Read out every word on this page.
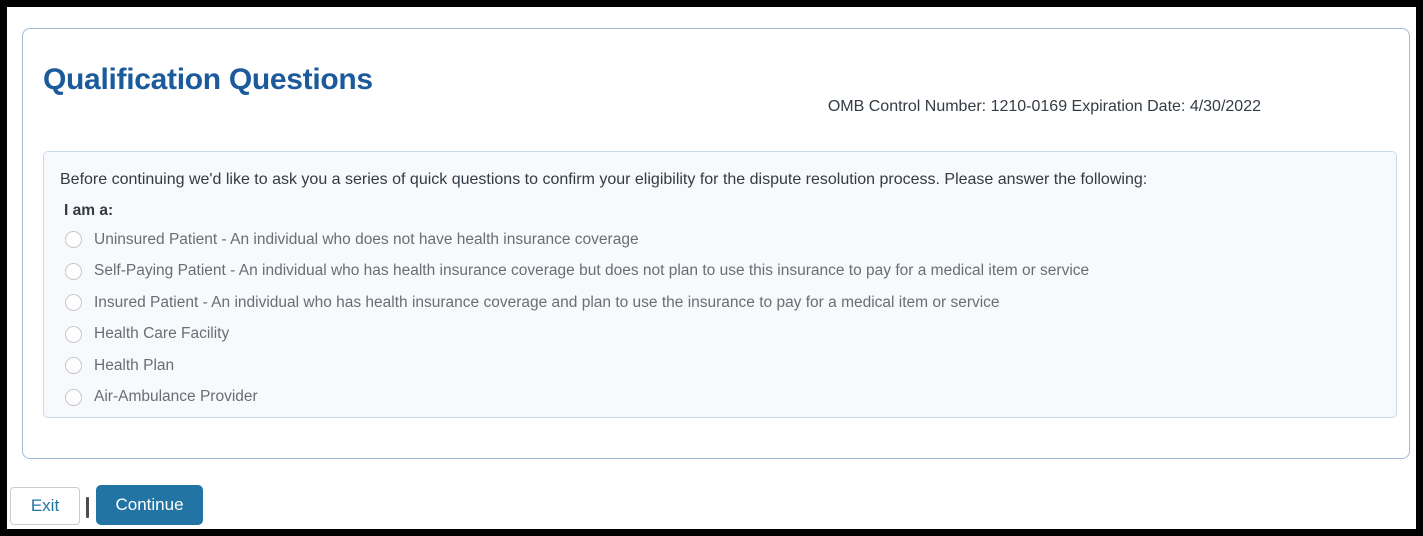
Qualification Questions
OMB Control Number: 1210-0169 Expiration Date: 4/30/2022
Before continuing we'd like to ask you a series of quick questions to confirm your eligibility for the dispute resolution process. Please answer the following:
I am a:
Uninsured Patient - An individual who does not have health insurance coverage
Self-Paying Patient - An individual who has health insurance coverage but does not plan to use this insurance to pay for a medical item or service
Insured Patient - An individual who has health insurance coverage and plan to use the insurance to pay for a medical item or service
Health Care Facility
Health Plan
Air-Ambulance Provider
Exit	Continue
